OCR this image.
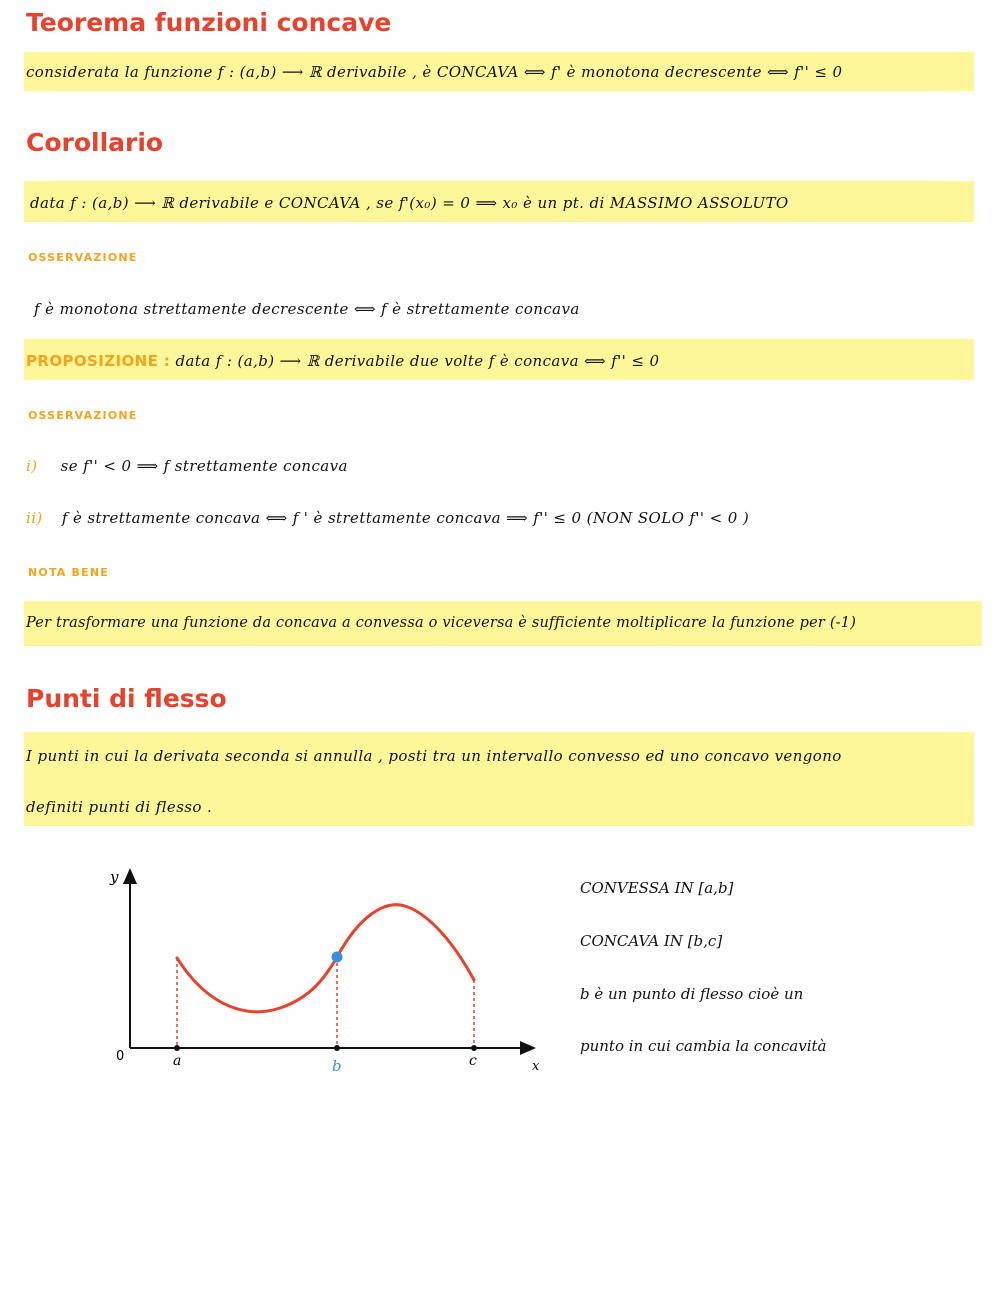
Teorema funzioni concave
considerata la funzione f : (a,b) ⟶ ℝ derivabile , è CONCAVA ⟺ f' è monotona decrescente ⟺ f'' ≤ 0
Corollario
data f : (a,b) ⟶ ℝ derivabile e CONCAVA , se f'(x₀) = 0 ⟹ x₀ è un pt. di MASSIMO ASSOLUTO
OSSERVAZIONE
f è monotona strettamente decrescente ⟺ f è strettamente concava
PROPOSIZIONE : data f : (a,b) ⟶ ℝ derivabile due volte f è concava ⟺ f'' ≤ 0
OSSERVAZIONE
i) se f'' < 0 ⟹ f strettamente concava
ii) f è strettamente concava ⟺ f ' è strettamente concava ⟹ f'' ≤ 0 (NON SOLO f'' < 0 )
NOTA BENE
Per trasformare una funzione da concava a convessa o viceversa è sufficiente moltiplicare la funzione per (-1)
Punti di flesso
I punti in cui la derivata seconda si annulla , posti tra un intervallo convesso ed uno concavo vengono
definiti punti di flesso .
y
x
0	a	b	c
CONVESSA IN [a,b]
CONCAVA IN [b,c]
b è un punto di flesso cioè un
punto in cui cambia la concavità
